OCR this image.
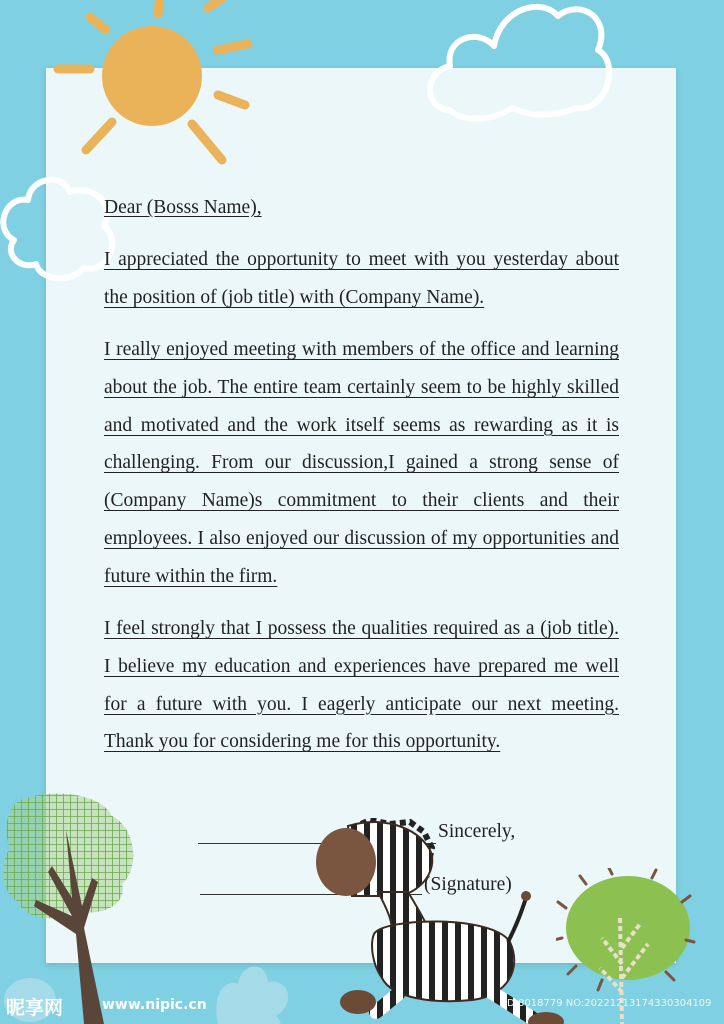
Dear (Bosss Name),

I appreciated the opportunity to meet with you yesterday about the position of (job title) with (Company Name).

I really enjoyed meeting with members of the office and learning about the job. The entire team certainly seem to be highly skilled and motivated and the work itself seems as rewarding as it is challenging. From our discussion,I gained a strong sense of (Company Name)s commitment to their clients and their employees. I also enjoyed our discussion of my opportunities and future within the firm.

I feel strongly that I possess the qualities required as a (job title). I believe my education and experiences have prepared me well for a future with you. I eagerly anticipate our next meeting. Thank you for considering me for this opportunity.

Sincerely,
(Signature)
昵享网	www.nipic.cn	ID:8018779 NO:20221213174330304109
